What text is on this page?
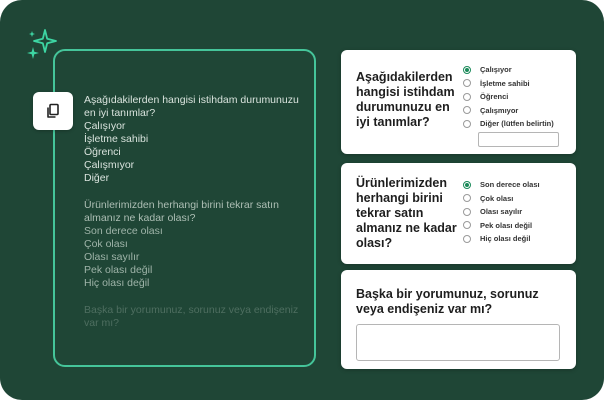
Aşağıdakilerden hangisi istihdam durumunuzu en iyi tanımlar?

Çalışıyor

İşletme sahibi

Öğrenci

Çalışmıyor

Diğer

Ürünlerimizden herhangi birini tekrar satın almanız ne kadar olası?

Son derece olası

Çok olası

Olası sayılır

Pek olası değil

Hiç olası değil

Başka bir yorumunuz, sorunuz veya endişeniz var mı?

Aşağıdakilerden hangisi istihdam durumunuzu en iyi tanımlar?
Çalışıyor
İşletme sahibi
Öğrenci
Çalışmıyor
Diğer (lütfen belirtin)
Ürünlerimizden herhangi birini tekrar satın almanız ne kadar olası?
Son derece olası
Çok olası
Olası sayılır
Pek olası değil
Hiç olası değil
Başka bir yorumunuz, sorunuz veya endişeniz var mı?
